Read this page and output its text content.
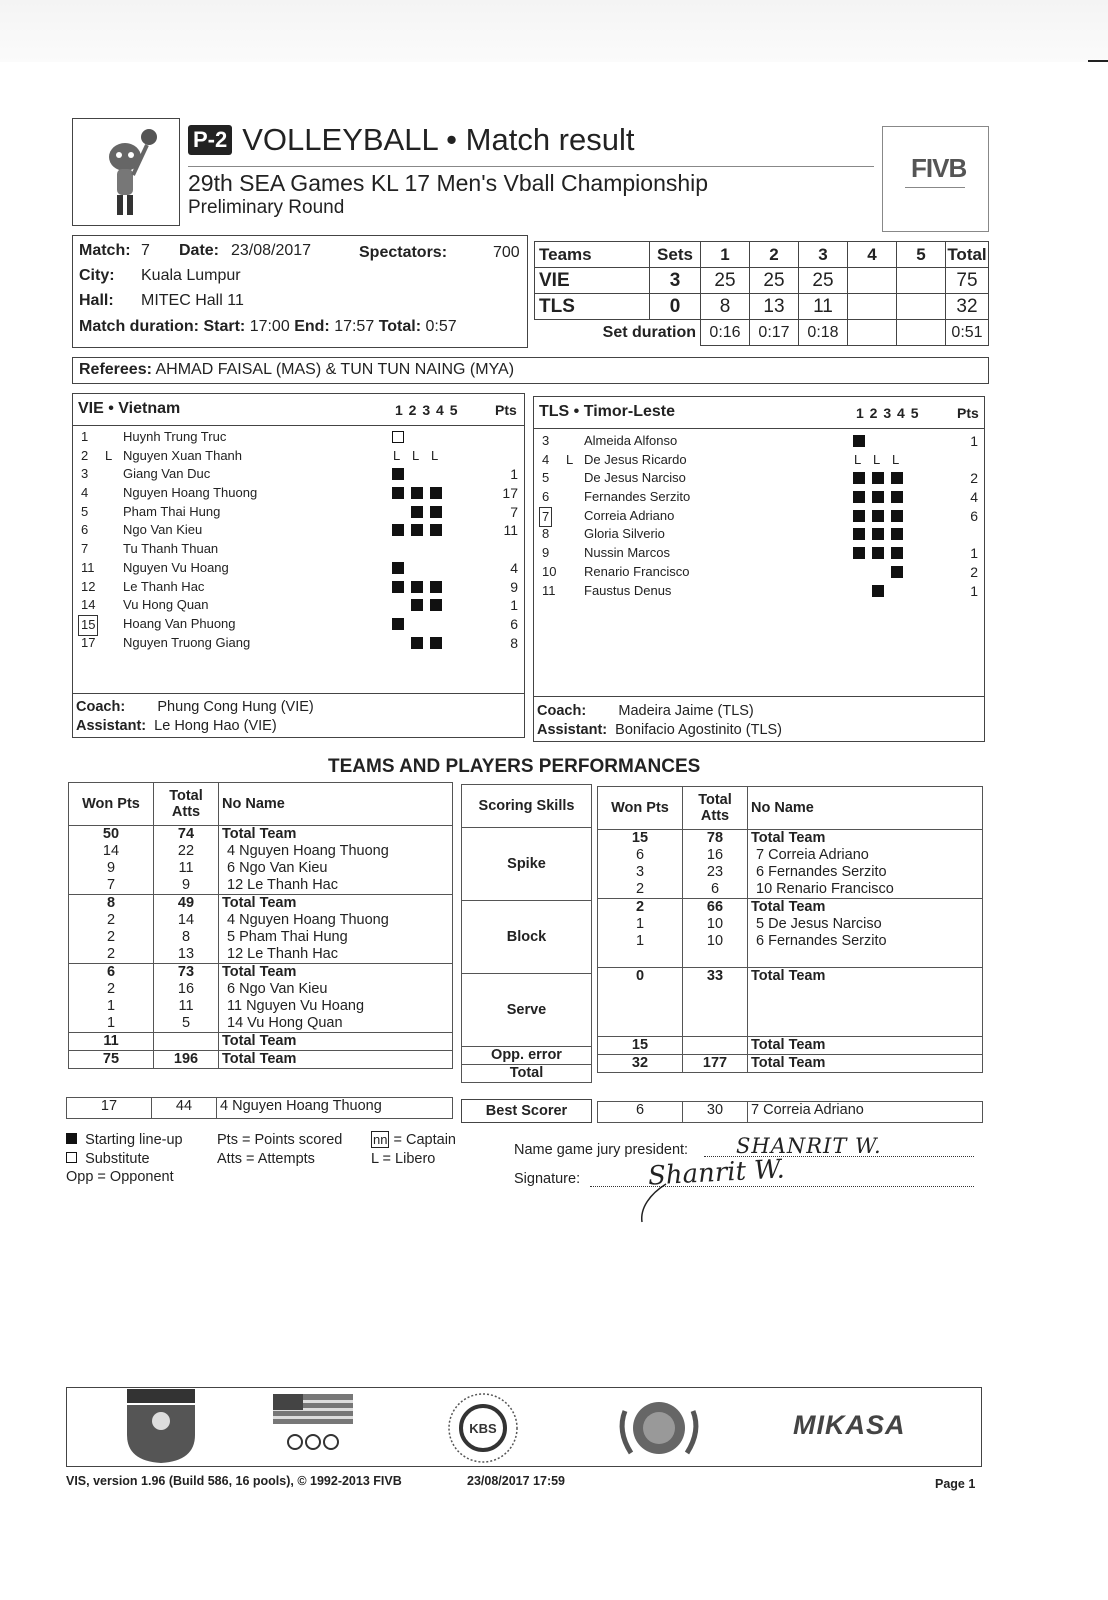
P-2 VOLLEYBALL • Match result
29th SEA Games KL 17 Men's Vball Championship
Preliminary Round
FIVB
Match: 7 Date: 23/08/2017	Spectators:	700
City: Kuala Lumpur
Hall: MITEC Hall 11
Match duration: Start: 17:00 End: 17:57 Total: 0:57
Teams	Sets	1	2	3	4	5	Total
VIE	3	25	25	25			75
TLS	0	8	13	11			32
Set duration		0:16	0:17	0:18			0:51
Referees: AHMAD FAISAL (MAS) & TUN TUN NAING (MYA)
VIE • Vietnam	1 2 3 4 5	Pts
1	Huynh Trung Truc
2 L Nguyen Xuan Thanh	L L L
3	Giang Van Duc	1
4	Nguyen Hoang Thuong	17
5	Pham Thai Hung	7
6	Ngo Van Kieu	11
7	Tu Thanh Thuan
11 Nguyen Vu Hoang	4
12 Le Thanh Hac	9
14 Vu Hong Quan	1
15 Hoang Van Phuong	6
17 Nguyen Truong Giang	8
Coach: Phung Cong Hung (VIE)
Assistant: Le Hong Hao (VIE)
TLS • Timor-Leste	1 2 3 4 5	Pts
3	Almeida Alfonso	1
4 L De Jesus Ricardo	L L L
5	De Jesus Narciso	2
6	Fernandes Serzito	4
7	Correia Adriano	6
8	Gloria Silverio
9	Nussin Marcos	1
10 Renario Francisco	2
11 Faustus Denus	1
Coach: Madeira Jaime (TLS)
Assistant: Bonifacio Agostinito (TLS)
TEAMS AND PLAYERS PERFORMANCES
Won Pts	Total Atts	No Name
50	74	Total Team
14	22	4 Nguyen Hoang Thuong
9	11	6 Ngo Van Kieu
7	9	12 Le Thanh Hac
8	49	Total Team
2	14	4 Nguyen Hoang Thuong
2	8	5 Pham Thai Hung
2	13	12 Le Thanh Hac
6	73	Total Team
2	16	6 Ngo Van Kieu
1	11	11 Nguyen Vu Hoang
1	5	14 Vu Hong Quan
11		Total Team
75	196	Total Team
Scoring Skills
Spike
Block
Serve
Opp. error
Total
Won Pts	Total Atts	No Name
15	78	Total Team
6	16	7 Correia Adriano
3	23	6 Fernandes Serzito
2	6	10 Renario Francisco
2	66	Total Team
1	10	5 De Jesus Narciso
1	10	6 Fernandes Serzito

0	33	Total Team

15		Total Team
32	177	Total Team
17	44	4 Nguyen Hoang Thuong	Best Scorer	6	30	7 Correia Adriano
Starting line-up
Substitute
Opp = Opponent
Pts = Points scored
Atts = Attempts
nn = Captain
L = Libero
Name game jury president: SHANRIT W.
Signature:	Shanrit W.
KBS	MIKASA
VIS, version 1.96 (Build 586, 16 pools), © 1992-2013 FIVB	23/08/2017 17:59	Page 1
